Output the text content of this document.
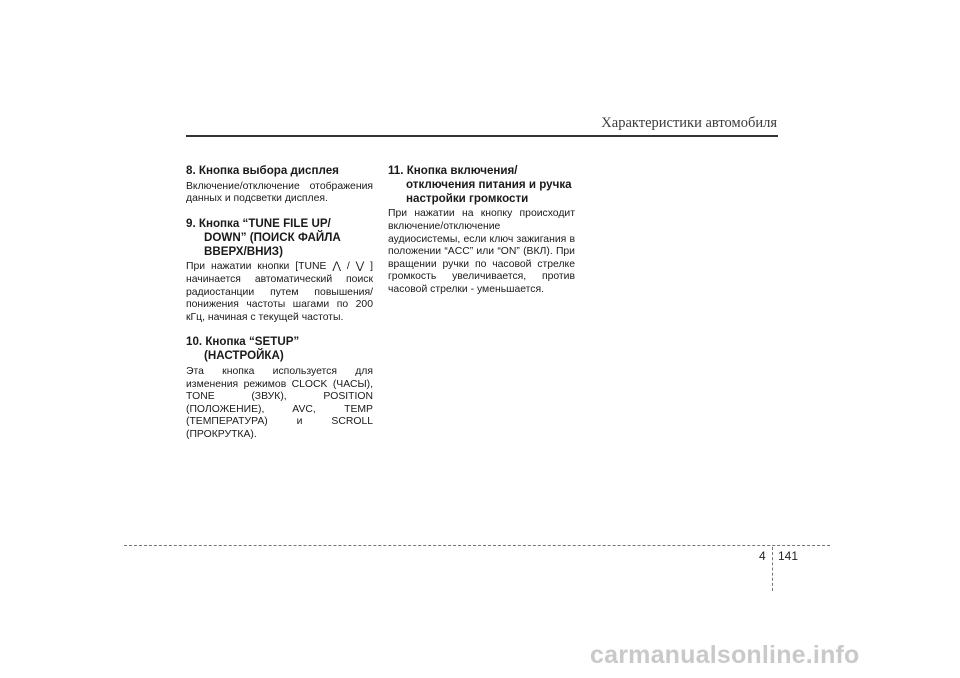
Характеристики автомобиля
8. Кнопка выбора дисплея
Включение/отключение отображения данных и подсветки дисплея.
9. Кнопка “TUNE FILE UP/
DOWN” (ПОИСК ФАЙЛА
ВВЕРХ/ВНИЗ)
При нажатии кнопки [TUNE ⋀ / ⋁ ] начинается автоматический поиск радиостанции путем повышения/понижения частоты шагами по 200 кГц, начиная с текущей частоты.
10. Кнопка “SETUP”
(НАСТРОЙКА)
Эта кнопка используется для изменения режимов CLOCK (ЧАСЫ), TONE (ЗВУК), POSITION (ПОЛОЖЕНИЕ), AVC, TEMP (ТЕМПЕРАТУРА) и SCROLL (ПРОКРУТКА).
11. Кнопка включения/
отключения питания и ручка
настройки громкости
При нажатии на кнопку происходит включение/отключение аудиосистемы, если ключ зажигания в положении “ACC” или “ON” (ВКЛ). При вращении ручки по часовой стрелке громкость увеличивается, против часовой стрелки - уменьшается.
4 141
carmanualsonline.info
